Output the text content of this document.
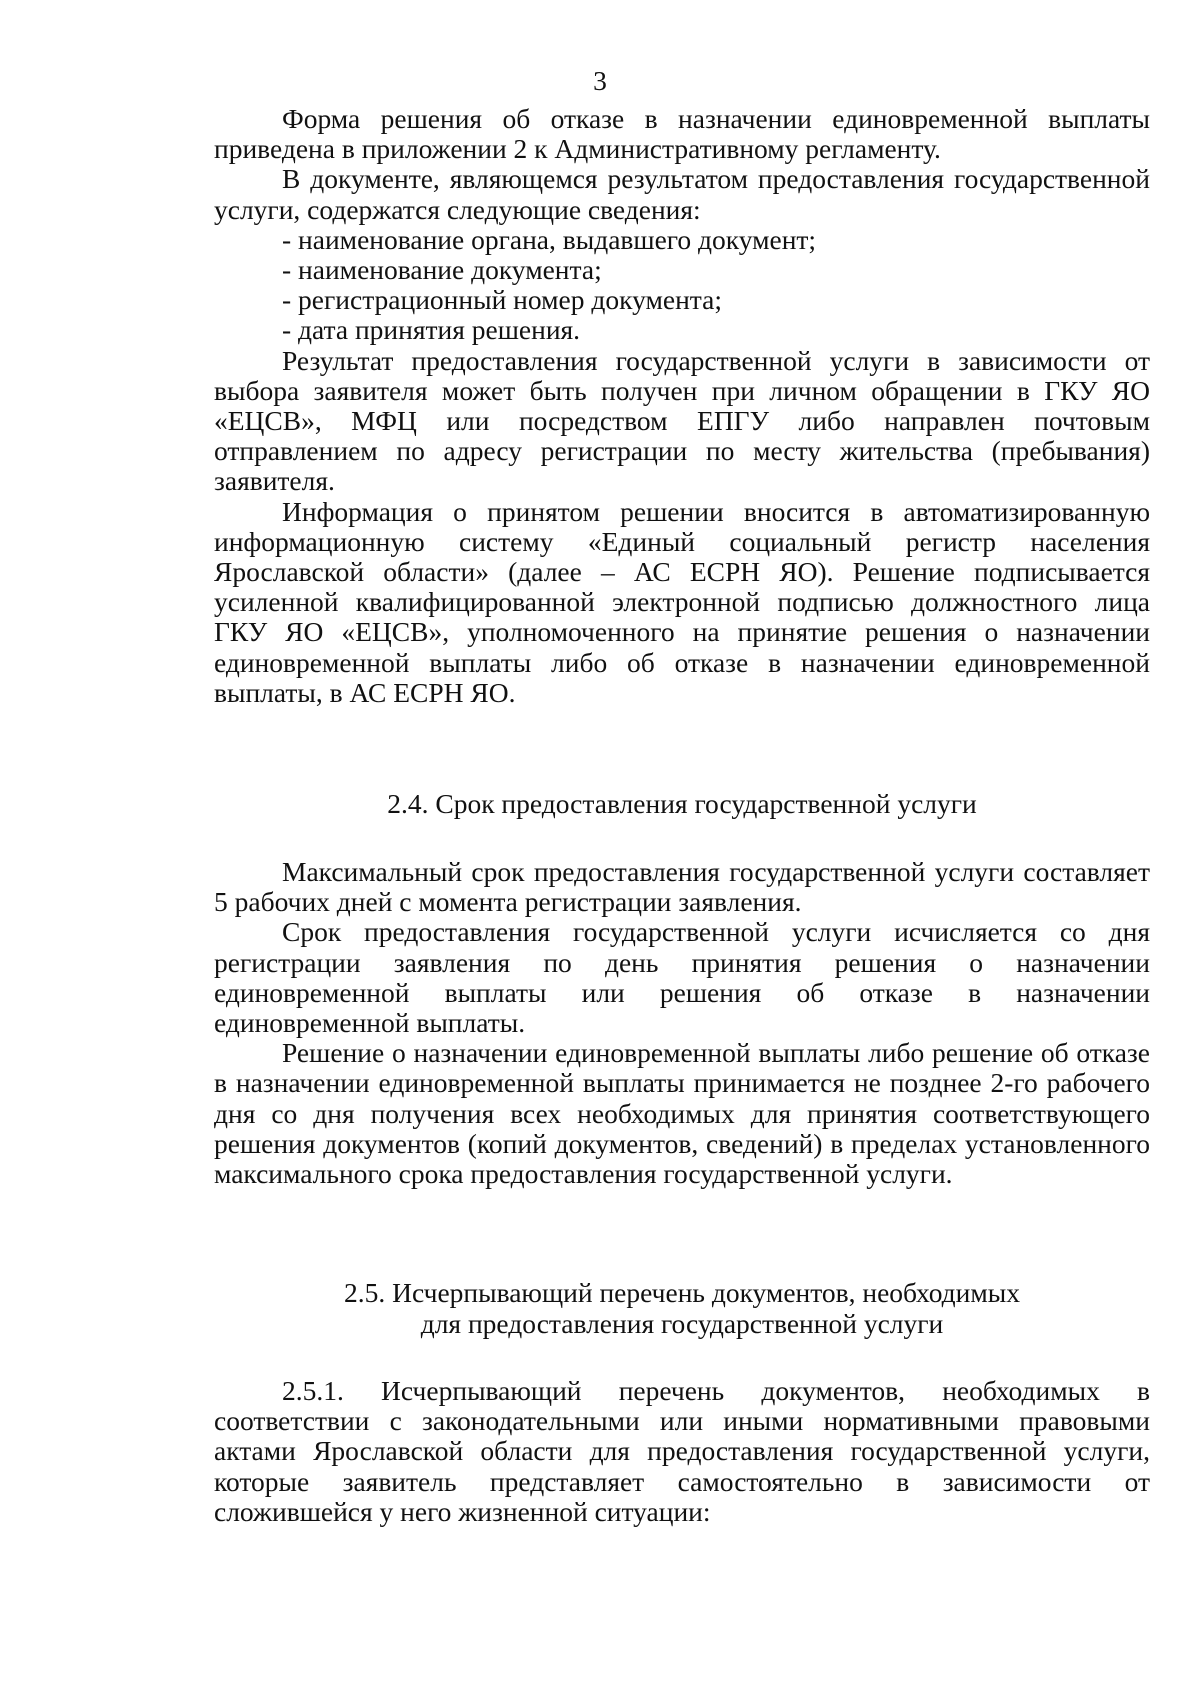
3

Форма решения об отказе в назначении единовременной выплаты приведена в приложении 2 к Административному регламенту.

В документе, являющемся результатом предоставления государственной услуги, содержатся следующие сведения:

- наименование органа, выдавшего документ;
- наименование документа;
- регистрационный номер документа;
- дата принятия решения.

Результат предоставления государственной услуги в зависимости от выбора заявителя может быть получен при личном обращении в ГКУ ЯО «ЕЦСВ», МФЦ или посредством ЕПГУ либо направлен почтовым отправлением по адресу регистрации по месту жительства (пребывания) заявителя.

Информация о принятом решении вносится в автоматизированную информационную систему «Единый социальный регистр населения Ярославской области» (далее – АС ЕСРН ЯО). Решение подписывается усиленной квалифицированной электронной подписью должностного лица ГКУ ЯО «ЕЦСВ», уполномоченного на принятие решения о назначении единовременной выплаты либо об отказе в назначении единовременной выплаты, в АС ЕСРН ЯО.

2.4. Срок предоставления государственной услуги

Максимальный срок предоставления государственной услуги составляет 5 рабочих дней с момента регистрации заявления.

Срок предоставления государственной услуги исчисляется со дня регистрации заявления по день принятия решения о назначении единовременной выплаты или решения об отказе в назначении единовременной выплаты.

Решение о назначении единовременной выплаты либо решение об отказе в назначении единовременной выплаты принимается не позднее 2-го рабочего дня со дня получения всех необходимых для принятия соответствующего решения документов (копий документов, сведений) в пределах установленного максимального срока предоставления государственной услуги.

2.5. Исчерпывающий перечень документов, необходимых
для предоставления государственной услуги

2.5.1. Исчерпывающий перечень документов, необходимых в соответствии с законодательными или иными нормативными правовыми актами Ярославской области для предоставления государственной услуги, которые заявитель представляет самостоятельно в зависимости от сложившейся у него жизненной ситуации:
